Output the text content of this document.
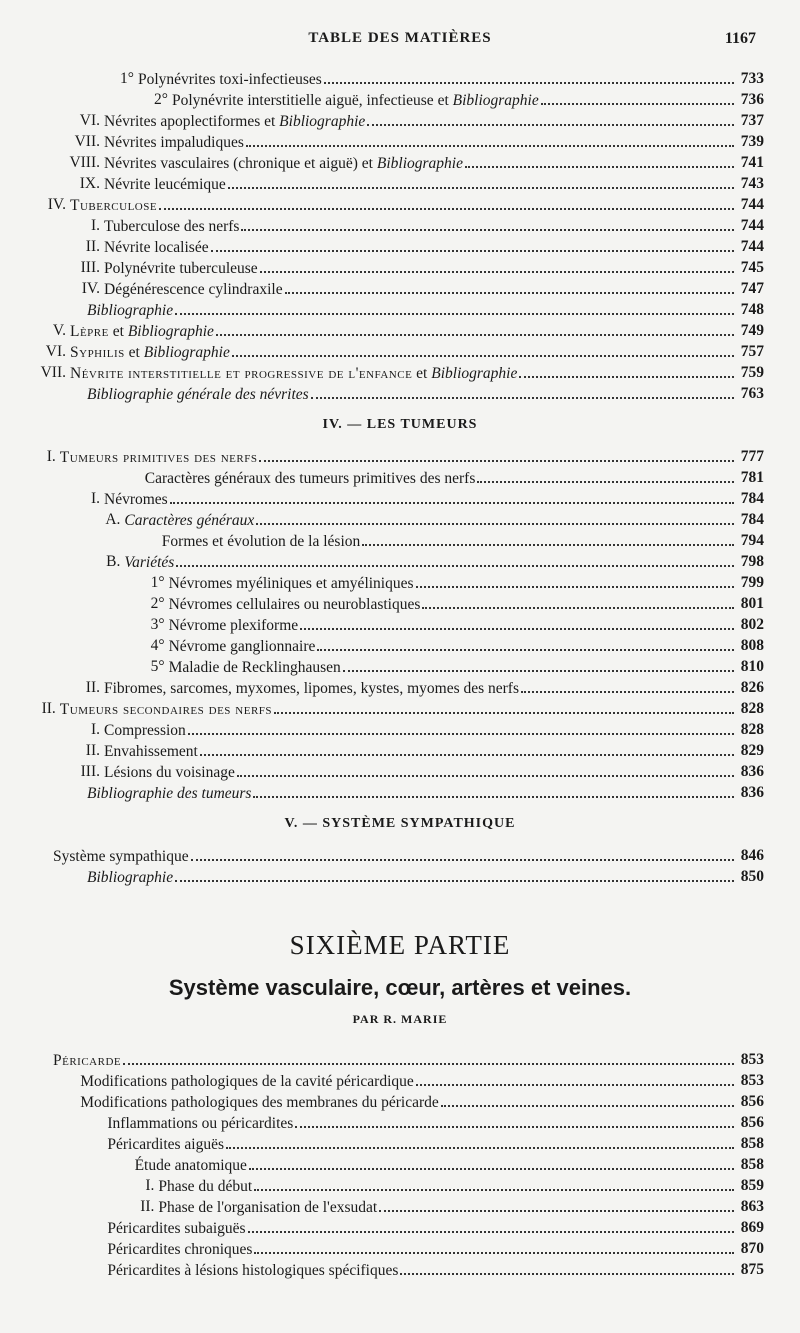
TABLE DES MATIÈRES	1167
1° Polynévrites toxi-infectieuses	733
2° Polynévrite interstitielle aiguë, infectieuse et Bibliographie	736
VI. Névrites apoplectiformes et Bibliographie	737
VII. Névrites impaludiques	739
VIII. Névrites vasculaires (chronique et aiguë) et Bibliographie	741
IX. Névrite leucémique	743
IV. Tuberculose	744
I. Tuberculose des nerfs	744
II. Névrite localisée	744
III. Polynévrite tuberculeuse	745
IV. Dégénérescence cylindraxile	747
Bibliographie	748
V. Lèpre et Bibliographie	749
VI. Syphilis et Bibliographie	757
VII. Névrite interstitielle et progressive de l'enfance et Bibliographie	759
Bibliographie générale des névrites	763
IV. — LES TUMEURS
I. Tumeurs primitives des nerfs	777
Caractères généraux des tumeurs primitives des nerfs	781
I. Névromes	784
A. Caractères généraux	784
Formes et évolution de la lésion	794
B. Variétés	798
1° Névromes myéliniques et amyéliniques	799
2° Névromes cellulaires ou neuroblastiques	801
3° Névrome plexiforme	802
4° Névrome ganglionnaire	808
5° Maladie de Recklinghausen	810
II. Fibromes, sarcomes, myxomes, lipomes, kystes, myomes des nerfs	826
II. Tumeurs secondaires des nerfs	828
I. Compression	828
II. Envahissement	829
III. Lésions du voisinage	836
Bibliographie des tumeurs	836
V. — SYSTÈME SYMPATHIQUE
Système sympathique	846
Bibliographie	850
SIXIÈME PARTIE
Système vasculaire, cœur, artères et veines.
PAR R. MARIE
Péricarde	853
Modifications pathologiques de la cavité péricardique	853
Modifications pathologiques des membranes du péricarde	856
Inflammations ou péricardites	856
Péricardites aiguës	858
Étude anatomique	858
I. Phase du début	859
II. Phase de l'organisation de l'exsudat	863
Péricardites subaiguës	869
Péricardites chroniques	870
Péricardites à lésions histologiques spécifiques	875
